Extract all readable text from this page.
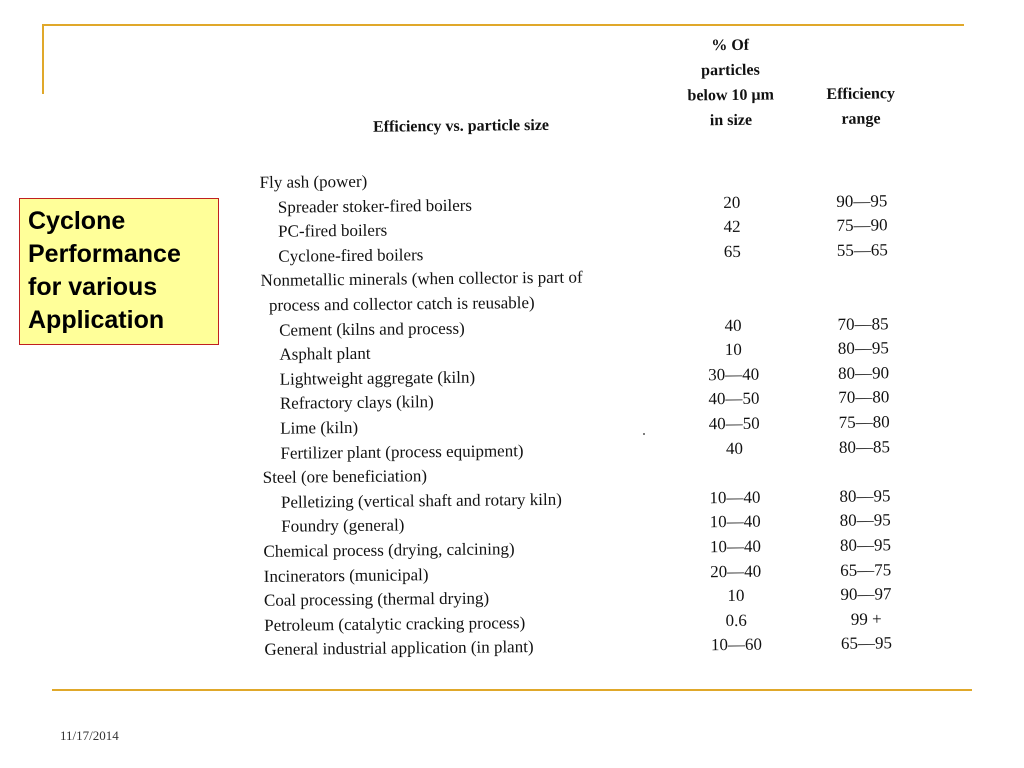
Cyclone
Performance
for various
Application
Efficiency vs. particle size
% Of
particles
below 10 μm
in size
Efficiency
range
Fly ash (power)
Spreader stoker-fired boilers	20	90—95
PC-fired boilers	42	75—90
Cyclone-fired boilers	65	55—65
Nonmetallic minerals (when collector is part of
process and collector catch is reusable)
Cement (kilns and process)	40	70—85
Asphalt plant	10	80—95
Lightweight aggregate (kiln)	30—40	80—90
Refractory clays (kiln)	40—50	70—80
Lime (kiln)	40—50	75—80
Fertilizer plant (process equipment)	40	80—85
Steel (ore beneficiation)
Pelletizing (vertical shaft and rotary kiln)	10—40	80—95
Foundry (general)	10—40	80—95
Chemical process (drying, calcining)	10—40	80—95
Incinerators (municipal)	20—40	65—75
Coal processing (thermal drying)	10	90—97
Petroleum (catalytic cracking process)	0.6	99 +
General industrial application (in plant)	10—60	65—95
11/17/2014
